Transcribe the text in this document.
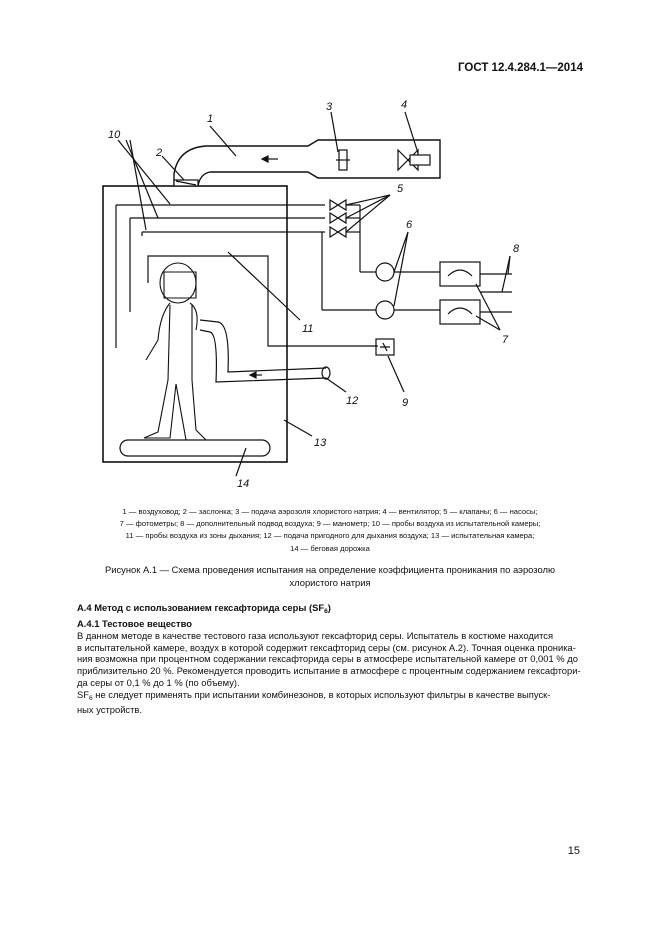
ГОСТ 12.4.284.1—2014
10
2
1
3	4
5
6
8
7
11
9
12
13
14
1 — воздуховод; 2 — заслонка; 3 — подача аэрозоля хлористого натрия; 4 — вентилятор; 5 — клапаны; 6 — насосы;
7 — фотометры; 8 — дополнительный подвод воздуха; 9 — манометр; 10 — пробы воздуха из испытательной камеры;
11 — пробы воздуха из зоны дыхания; 12 — подача пригодного для дыхания воздуха; 13 — испытательная камера;
14 — беговая дорожка
Рисунок А.1 — Схема проведения испытания на определение коэффициента проникания по аэрозолю
хлористого натрия
А.4 Метод с использованием гексафторида серы $(SF_6)$
А.4.1 Тестовое вещество
В данном методе в качестве тестового газа используют гексафторид серы. Испытатель в костюме находится
в испытательной камере, воздух в которой содержит гексафторид серы (см. рисунок А.2). Точная оценка проника-
ния возможна при процентном содержании гексафторида серы в атмосфере испытательной камере от 0,001 % до
приблизительно 20 %. Рекомендуется проводить испытание в атмосфере с процентным содержанием гексафтори-
да серы от 0,1 % до 1 % (по объему).
$SF_6$ не следует применять при испытании комбинезонов, в которых используют фильтры в качестве выпуск-
ных устройств.
15
